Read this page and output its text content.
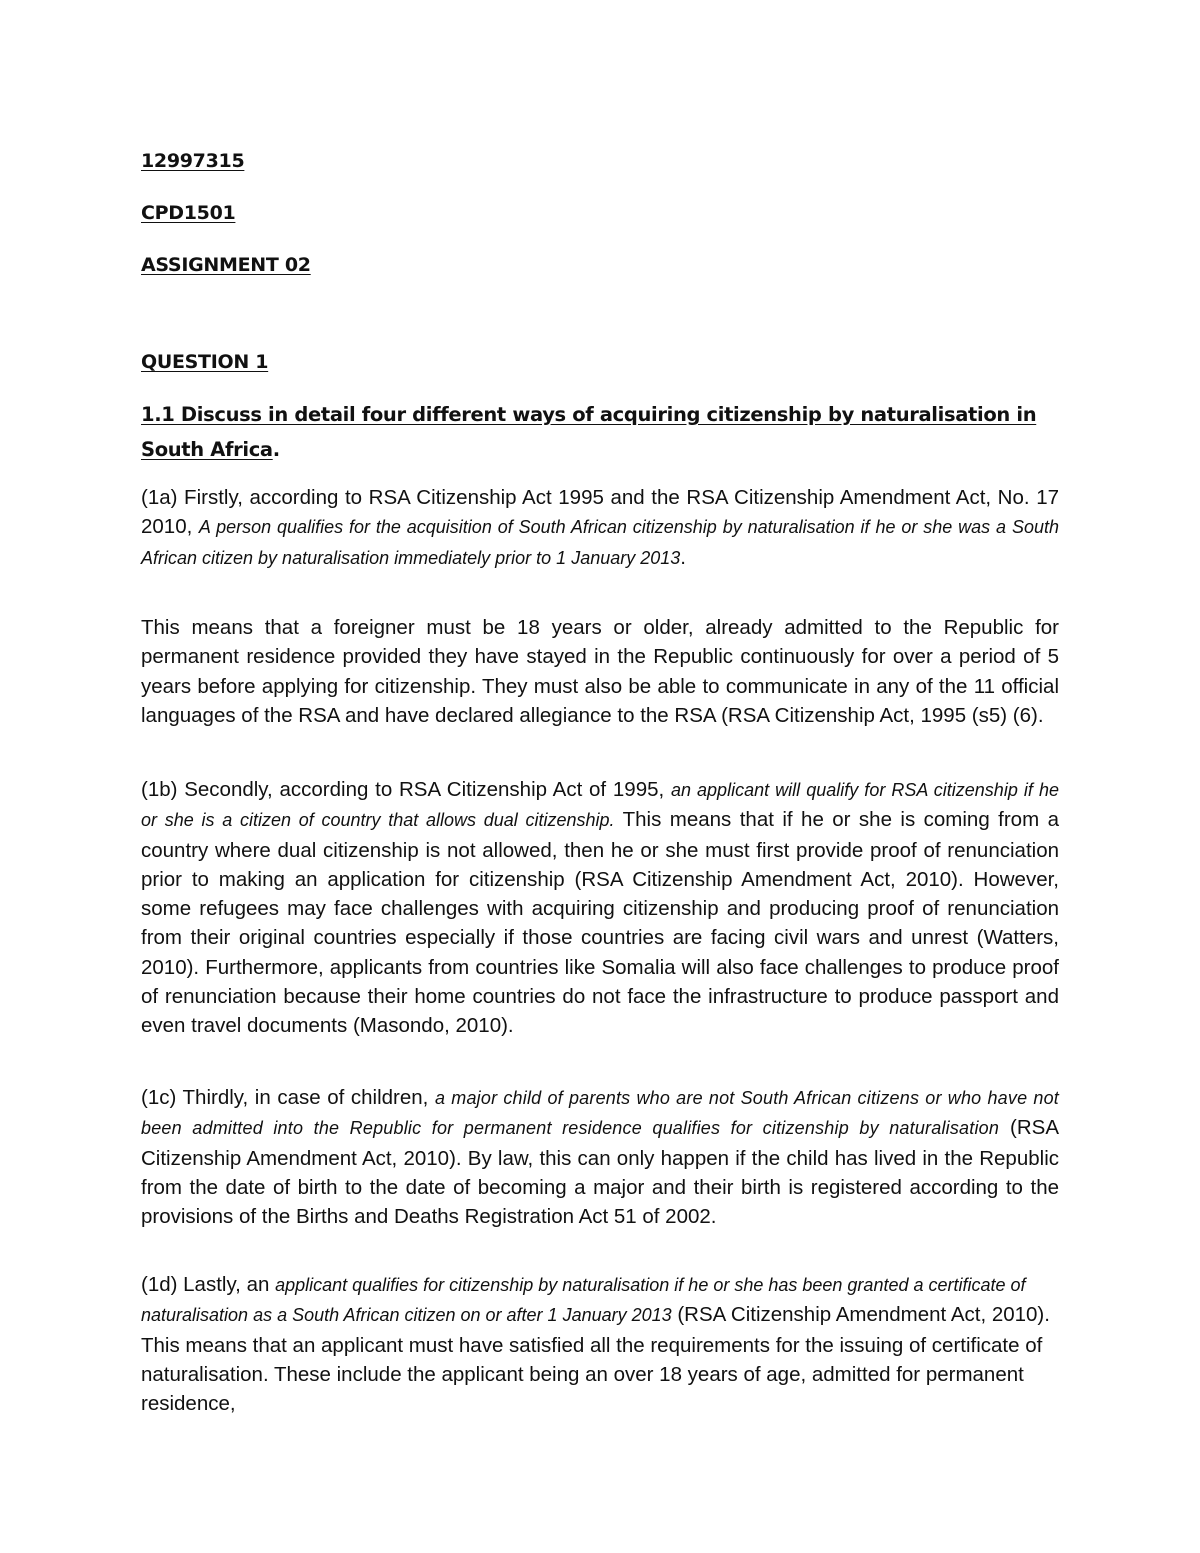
12997315

CPD1501

ASSIGNMENT 02

QUESTION 1

1.1 Discuss in detail four different ways of acquiring citizenship by naturalisation in South Africa.

(1a) Firstly, according to RSA Citizenship Act 1995 and the RSA Citizenship Amendment Act, No. 17 2010, A person qualifies for the acquisition of South African citizenship by naturalisation if he or she was a South African citizen by naturalisation immediately prior to 1 January 2013.

This means that a foreigner must be 18 years or older, already admitted to the Republic for permanent residence provided they have stayed in the Republic continuously for over a period of 5 years before applying for citizenship. They must also be able to communicate in any of the 11 official languages of the RSA and have declared allegiance to the RSA (RSA Citizenship Act, 1995 (s5) (6).

(1b) Secondly, according to RSA Citizenship Act of 1995, an applicant will qualify for RSA citizenship if he or she is a citizen of country that allows dual citizenship. This means that if he or she is coming from a country where dual citizenship is not allowed, then he or she must first provide proof of renunciation prior to making an application for citizenship (RSA Citizenship Amendment Act, 2010). However, some refugees may face challenges with acquiring citizenship and producing proof of renunciation from their original countries especially if those countries are facing civil wars and unrest (Watters, 2010). Furthermore, applicants from countries like Somalia will also face challenges to produce proof of renunciation because their home countries do not face the infrastructure to produce passport and even travel documents (Masondo, 2010).

(1c) Thirdly, in case of children, a major child of parents who are not South African citizens or who have not been admitted into the Republic for permanent residence qualifies for citizenship by naturalisation (RSA Citizenship Amendment Act, 2010). By law, this can only happen if the child has lived in the Republic from the date of birth to the date of becoming a major and their birth is registered according to the provisions of the Births and Deaths Registration Act 51 of 2002.

(1d) Lastly, an applicant qualifies for citizenship by naturalisation if he or she has been granted a certificate of naturalisation as a South African citizen on or after 1 January 2013 (RSA Citizenship Amendment Act, 2010). This means that an applicant must have satisfied all the requirements for the issuing of certificate of naturalisation. These include the applicant being an over 18 years of age, admitted for permanent residence,
